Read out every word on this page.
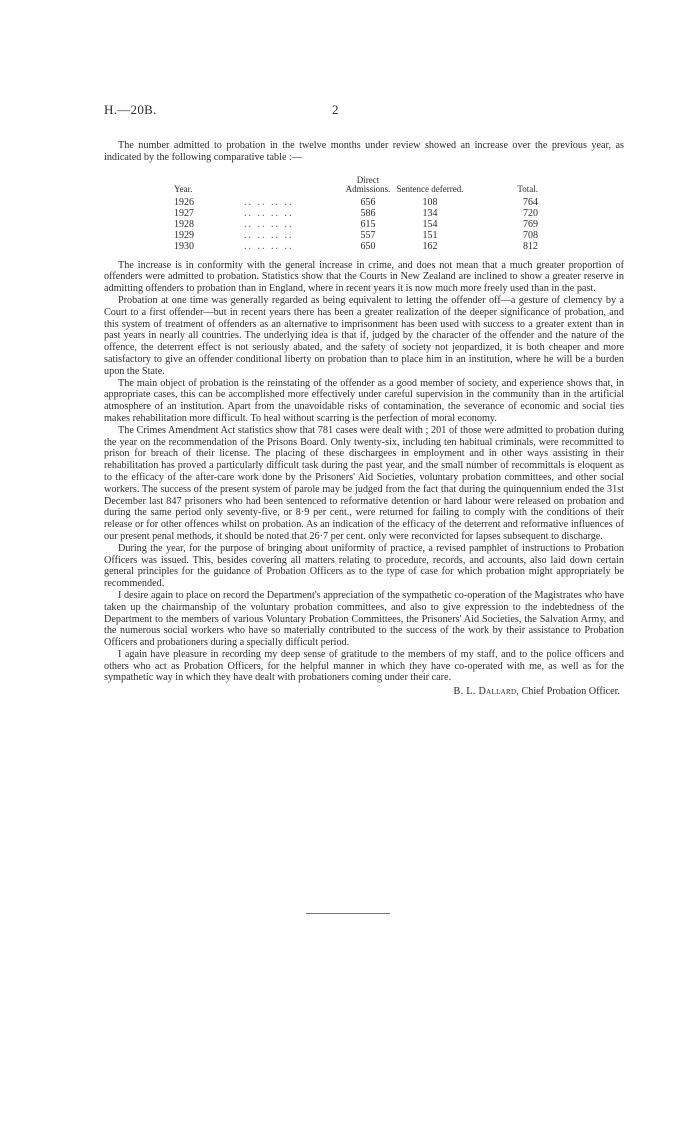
H.—20B.	2

The number admitted to probation in the twelve months under review showed an increase over the previous year, as indicated by the following comparative table :—

Year.		Direct Admissions.	Sentence deferred.	Total.
1926	.. .. .. ..	656	108	764
1927	.. .. .. ..	586	134	720
1928	.. .. .. ..	615	154	769
1929	.. .. .. ..	557	151	708
1930	.. .. .. ..	650	162	812

The increase is in conformity with the general increase in crime, and does not mean that a much greater proportion of offenders were admitted to probation. Statistics show that the Courts in New Zealand are inclined to show a greater reserve in admitting offenders to probation than in England, where in recent years it is now much more freely used than in the past.

Probation at one time was generally regarded as being equivalent to letting the offender off—a gesture of clemency by a Court to a first offender—but in recent years there has been a greater realization of the deeper significance of probation, and this system of treatment of offenders as an alternative to imprisonment has been used with success to a greater extent than in past years in nearly all countries. The underlying idea is that if, judged by the character of the offender and the nature of the offence, the deterrent effect is not seriously abated, and the safety of society not jeopardized, it is both cheaper and more satisfactory to give an offender conditional liberty on probation than to place him in an institution, where he will be a burden upon the State.

The main object of probation is the reinstating of the offender as a good member of society, and experience shows that, in appropriate cases, this can be accomplished more effectively under careful supervision in the community than in the artificial atmosphere of an institution. Apart from the unavoidable risks of contamination, the severance of economic and social ties makes rehabilitation more difficult. To heal without scarring is the perfection of moral economy.

The Crimes Amendment Act statistics show that 781 cases were dealt with ; 201 of those were admitted to probation during the year on the recommendation of the Prisons Board. Only twenty-six, including ten habitual criminals, were recommitted to prison for breach of their license. The placing of these dischargees in employment and in other ways assisting in their rehabilitation has proved a particularly difficult task during the past year, and the small number of recommittals is eloquent as to the efficacy of the after-care work done by the Prisoners' Aid Societies, voluntary probation committees, and other social workers. The success of the present system of parole may be judged from the fact that during the quinquennium ended the 31st December last 847 prisoners who had been sentenced to reformative detention or hard labour were released on probation and during the same period only seventy-five, or 8·9 per cent., were returned for failing to comply with the conditions of their release or for other offences whilst on probation. As an indication of the efficacy of the deterrent and reformative influences of our present penal methods, it should be noted that 26·7 per cent. only were reconvicted for lapses subsequent to discharge.

During the year, for the purpose of bringing about uniformity of practice, a revised pamphlet of instructions to Probation Officers was issued. This, besides covering all matters relating to procedure, records, and accounts, also laid down certain general principles for the guidance of Probation Officers as to the type of case for which probation might appropriately be recommended.

I desire again to place on record the Department's appreciation of the sympathetic co-operation of the Magistrates who have taken up the chairmanship of the voluntary probation committees, and also to give expression to the indebtedness of the Department to the members of various Voluntary Probation Committees, the Prisoners' Aid Societies, the Salvation Army, and the numerous social workers who have so materially contributed to the success of the work by their assistance to Probation Officers and probationers during a specially difficult period.

I again have pleasure in recording my deep sense of gratitude to the members of my staff, and to the police officers and others who act as Probation Officers, for the helpful manner in which they have co-operated with me, as well as for the sympathetic way in which they have dealt with probationers coming under their care.

B. L. Dallard, Chief Probation Officer.
